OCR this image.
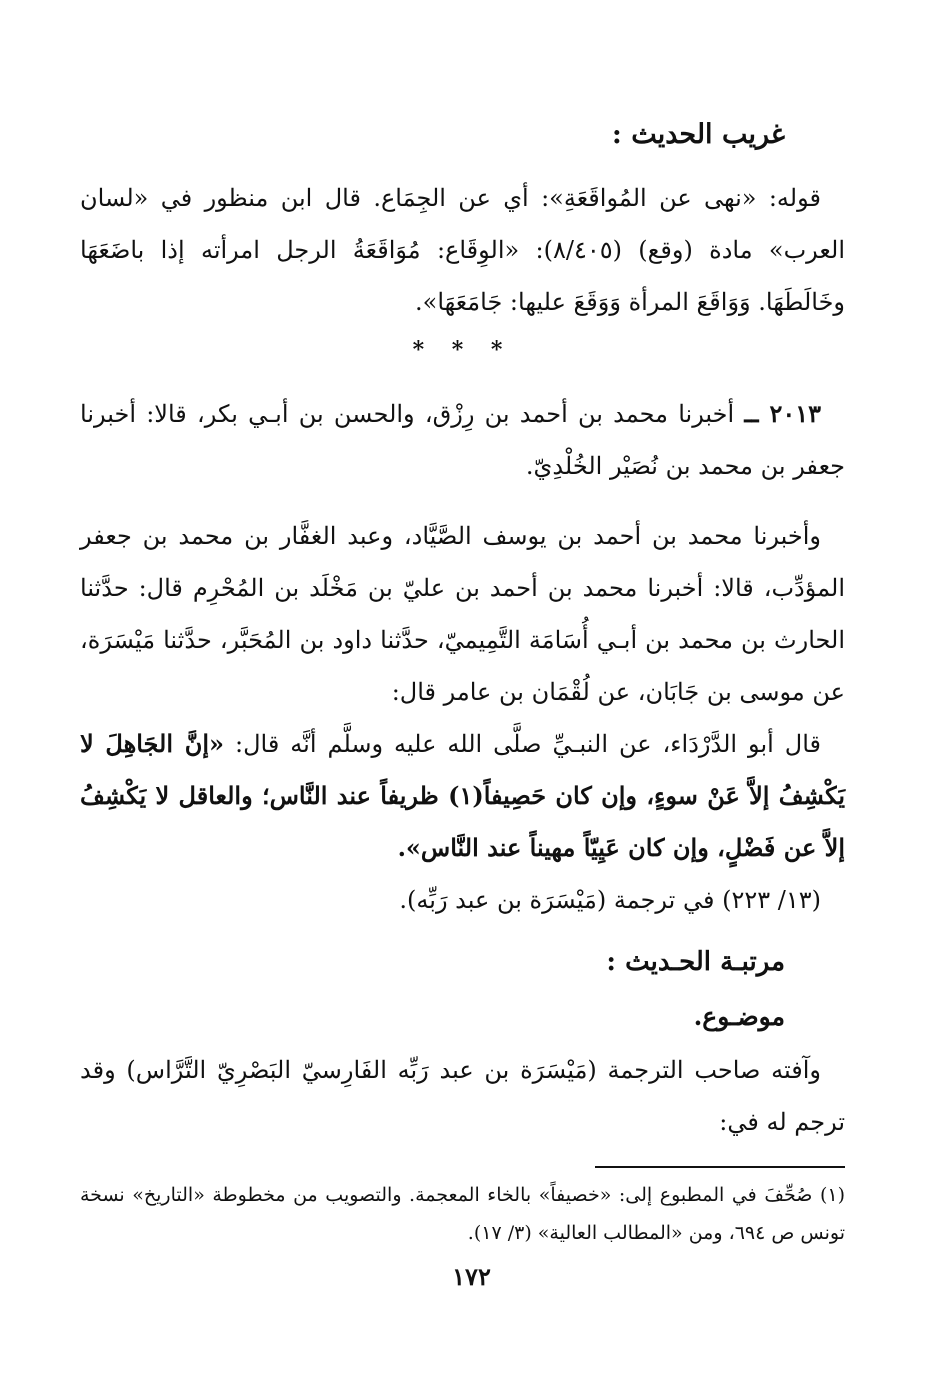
غريب الحديث :

قوله: «نهى عن المُواقَعَةِ»: أي عن الجِمَاع. قال ابن منظور في «لسان العرب» مادة (وقع) (٨/٤٠٥): «الوِقَاع: مُوَاقَعَةُ الرجل امرأته إذا باضَعَهَا وخَالَطَهَا. وَوَاقَعَ المرأة وَوَقَعَ عليها: جَامَعَهَا».

* * *

٢٠١٣ ــ أخبرنا محمد بن أحمد بن رِزْق، والحسن بن أبـي بكر، قالا: أخبرنا جعفر بن محمد بن نُصَيْر الخُلْدِيّ.

وأخبرنا محمد بن أحمد بن يوسف الصَّيَّاد، وعبد الغفَّار بن محمد بن جعفر المؤدِّب، قالا: أخبرنا محمد بن أحمد بن عليّ بن مَخْلَد بن المُحْرِم قال: حدَّثنا الحارث بن محمد بن أبـي أُسَامَة التَّمِيميّ، حدَّثنا داود بن المُحَبَّر، حدَّثنا مَيْسَرَة، عن موسى بن جَابَان، عن لُقْمَان بن عامر قال:

قال أبو الدَّرْدَاء، عن النبـيِّ صلَّى الله عليه وسلَّم أنَّه قال: «إنَّ الجَاهِلَ لا يَكْشِفُ إلاَّ عَنْ سوءٍ، وإن كان حَصِيفاً(١) ظريفاً عند النَّاس؛ والعاقل لا يَكْشِفُ إلاَّ عن فَضْلٍ، وإن كان عَيِيّاً مهيناً عند النَّاس».

(١٣/ ٢٢٣) في ترجمة (مَيْسَرَة بن عبد رَبِّه).

مرتبـة الحـديث :
موضـوع.

وآفته صاحب الترجمة (مَيْسَرَة بن عبد رَبِّه الفَارِسيّ البَصْرِيّ التَّرَّاس) وقد ترجم له في:

(١) صُحِّفَ في المطبوع إلى: «خصيفاً» بالخاء المعجمة. والتصويب من مخطوطة «التاريخ» نسخة تونس ص ٦٩٤، ومن «المطالب العالية» (٣/ ١٧).

١٧٢
